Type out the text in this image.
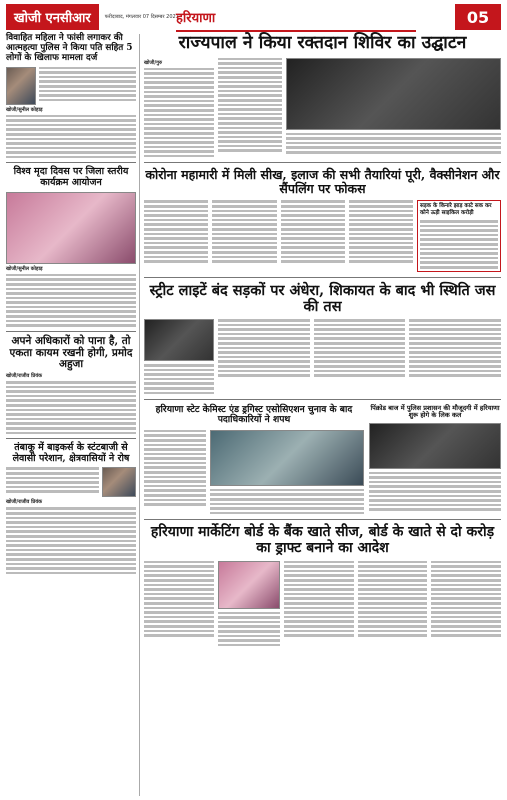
खोजी एनसीआर	फरीदाबाद, मंगलवार 07 दिसम्बर 2021
हरियाणा	05
विवाहित महिला ने फांसी लगाकर की आत्महत्या पुलिस ने किया पति सहित 5 लोगों के खिलाफ मामला दर्ज
खोजी/सुनील कोहाड़
विश्व मृदा दिवस पर जिला स्तरीय कार्यक्रम आयोजन
खोजी/सुनील कोहाड़
अपने अधिकारों को पाना है, तो एकता कायम रखनी होगी, प्रमोद अहुजा
खोजी/राजीव प्रियंक
तंबाकू में बाइकर्स के स्टंटबाजी से लेवासी परेशान, क्षेत्रवासियों ने रोष
खोजी/राजीव प्रियंक
राज्यपाल ने किया रक्तदान शिविर का उद्घाटन
खोजी/गुरु
कोरोना महामारी में मिली सीख, इलाज की सभी तैयारियां पूरी, वैक्सीनेशन और सैंपलिंग पर फोकस
सड़क के किनारे झाड़ काटे सक कर कोने ऊड़ी साइकिल करोड़ी
स्ट्रीट लाइटें बंद सड़कों पर अंधेरा, शिकायत के बाद भी स्थिति जस की तस
हरियाणा स्टेट केमिस्ट एंड ड्रगिस्ट एसोसिएशन चुनाव के बाद पदाधिकारियों ने शपथ
पिंक्रोड बाज में पुलिस प्रशासन की मौजूदगी में हरियाणा शुरू होगे के लिक कल
हरियाणा मार्केटिंग बोर्ड के बैंक खाते सीज, बोर्ड के खाते से दो करोड़ का ड्राफ्ट बनाने का आदेश
